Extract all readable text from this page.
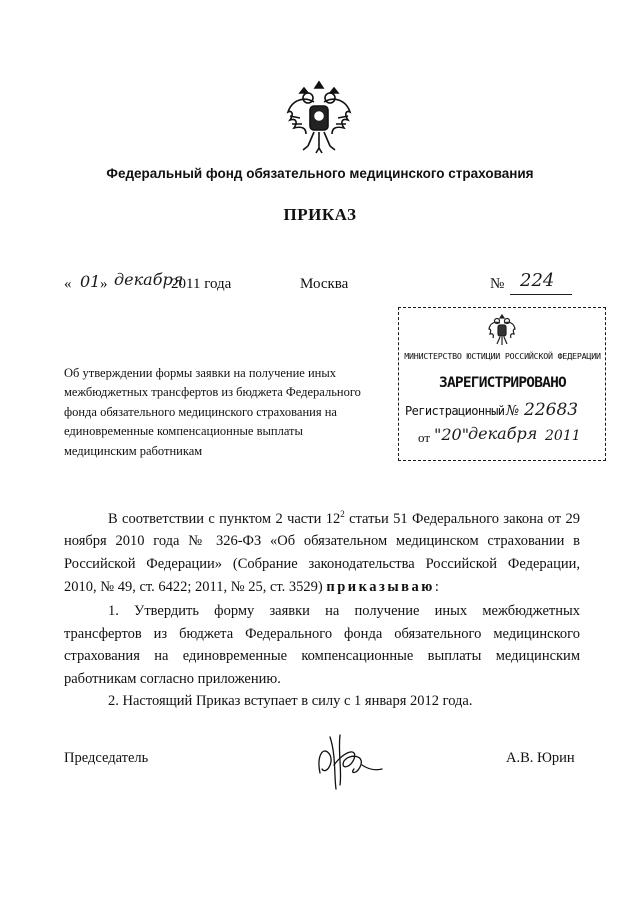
Федеральный фонд обязательного медицинского страхования
ПРИКАЗ
« 01 » декабря
2011 года	Москва	№ 224
Об утверждении формы заявки на получение иных межбюджетных трансфертов из бюджета Федерального фонда обязательного медицинского страхования на единовременные компенсационные выплаты медицинским работникам
МИНИСТЕРСТВО ЮСТИЦИИ РОССИЙСКОЙ ФЕДЕРАЦИИ
ЗАРЕГИСТРИРОВАНО
Регистрационный № 22683
от "20"
декабря 2011
В соответствии с пунктом 2 части $12^2$ статьи 51 Федерального закона от 29 ноября 2010 года № 326-ФЗ «Об обязательном медицинском страховании в Российской Федерации» (Собрание законодательства Российской Федерации, 2010, № 49, ст. 6422; 2011, № 25, ст. 3529) приказываю:
1. Утвердить форму заявки на получение иных межбюджетных трансфертов из бюджета Федерального фонда обязательного медицинского страхования на единовременные компенсационные выплаты медицинским работникам согласно приложению.
2. Настоящий Приказ вступает в силу с 1 января 2012 года.
Председатель	А.В. Юрин
